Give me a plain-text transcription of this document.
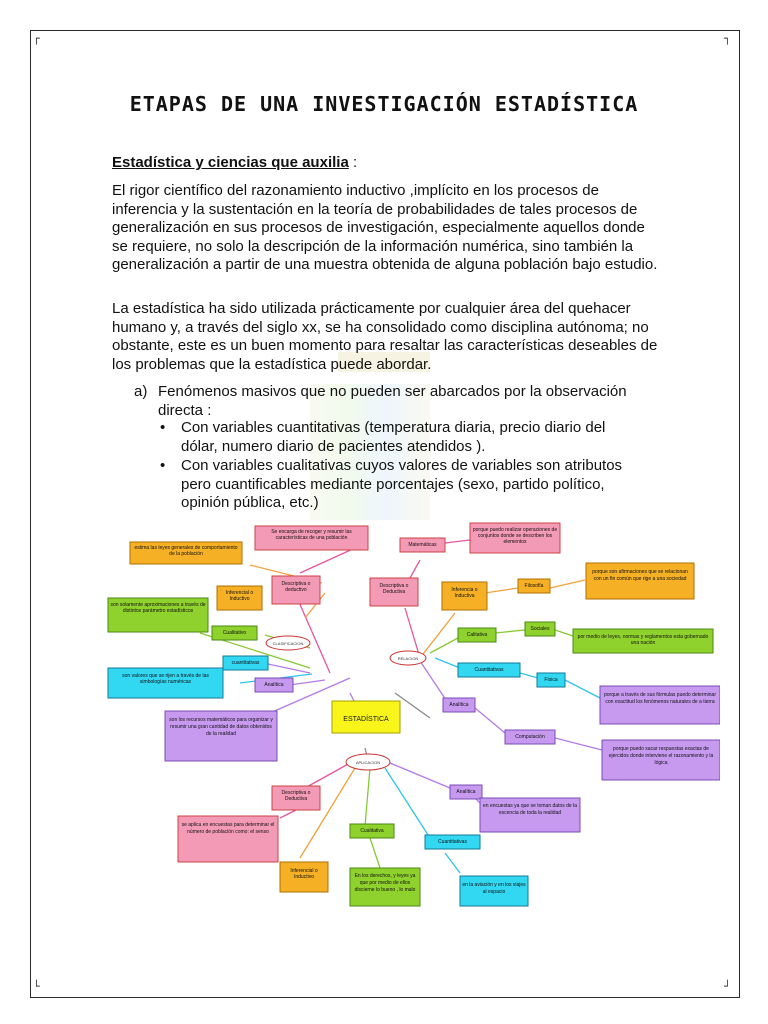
┌	┐
└	┘
ETAPAS DE UNA INVESTIGACIÓN ESTADÍSTICA
Estadística y ciencias que auxilia :

El rigor científico del razonamiento inductivo ,implícito en los procesos de inferencia y la sustentación en la teoría de probabilidades de tales procesos de generalización en sus procesos de investigación, especialmente aquellos donde se requiere, no solo la descripción de la información numérica, sino también la generalización a partir de una muestra obtenida de alguna población bajo estudio.

La estadística ha sido utilizada prácticamente por cualquier área del quehacer humano y, a través del siglo xx, se ha consolidado como disciplina autónoma; no obstante, este es un buen momento para resaltar las características deseables de los problemas que la estadística puede abordar.

a) Fenómenos masivos que no pueden ser abarcados por la observación directa :
• Con variables cuantitativas (temperatura diaria, precio diario del dólar, numero diario de pacientes atendidos ).
• Con variables cualitativas cuyos valores de variables son atributos pero cuantificables mediante porcentajes (sexo, partido político, opinión pública, etc.)
CLASIFICACION
RELACION
APLICACION
ESTADÍSTICA
Se encarga de recoger y resumir las características de una población
estima las leyes generales de comportamiento de la población
Descriptiva o deductivo
Inferencial o Inductivo
son solamente aproximaciones a través de distintos parámetro estadísticos
Cualitativo
cuantitativas
son valores que se rijen a través de las simbologías numéricas	Analítica
son los recursos matemáticos para organizar y resumir una gran cantidad de datos obtenidos de la realidad
Matemáticas
porque puedo realizar operaciones de conjuntos donde se describen los elementos
Descriptiva o Deductiva	Inferencia o Inductiva
Filosofía
porque son afirmaciones que se relacionan con un fin común que rige a una sociedad
Calitativa
Sociales
por medio de leyes, normas y reglamentos esta gobernado una nación
Cuantitativas
Física
porque a través de sus fórmulas puedo determinar con exactitud los fenómenos naturales de a tierra
Analítica
Computación
porque puedo sacar respuestas exactas de ejercidos donde interviene el razonamiento y la lógica
Descriptiva o Deductiva
se aplica en encuestas para determinar el número de población como: el senso
Analítica
en encuestas ya que se toman datos de la escencia de toda la realidad
Cualitativa
Cuantitativas
Inferencial o Inductivo	En los derechos, y leyes ya que por medio de ellos discierne lo bueno , lo malo
en la aviación y en los viajes al espacio
